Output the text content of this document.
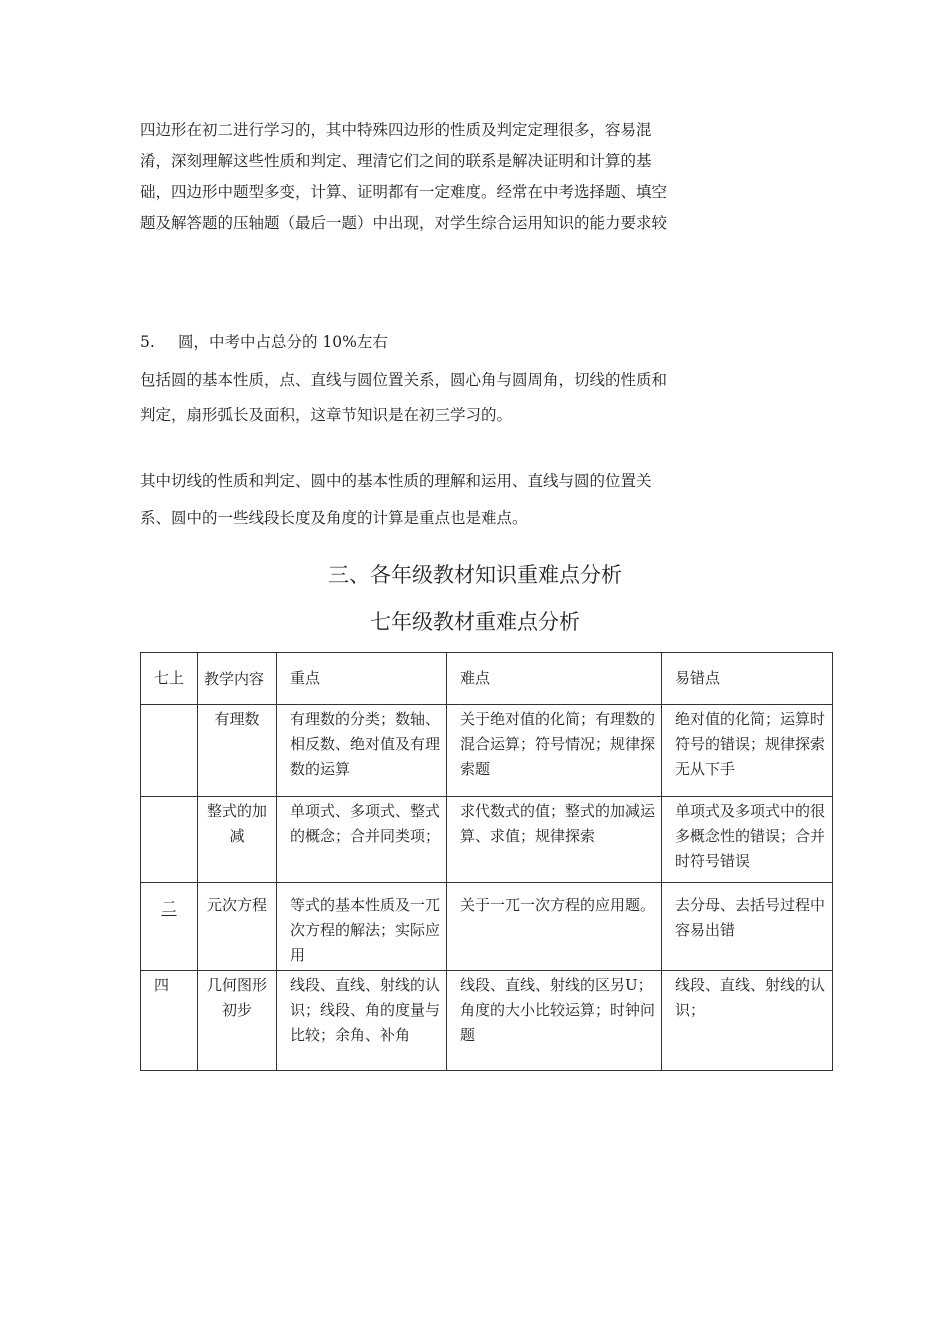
四边形在初二进行学习的，其中特殊四边形的性质及判定定理很多，容易混

淆，深刻理解这些性质和判定、理清它们之间的联系是解决证明和计算的基

础，四边形中题型多变，计算、证明都有一定难度。经常在中考选择题、填空

题及解答题的压轴题（最后一题）中出现，对学生综合运用知识的能力要求较

5. 圆，中考中占总分的 10%左右

包括圆的基本性质，点、直线与圆位置关系，圆心角与圆周角，切线的性质和

判定，扇形弧长及面积，这章节知识是在初三学习的。

其中切线的性质和判定、圆中的基本性质的理解和运用、直线与圆的位置关

系、圆中的一些线段长度及角度的计算是重点也是难点。

三、各年级教材知识重难点分析
七年级教材重难点分析
七上	教学内容	重点	难点	易错点
	有理数	有理数的分类；数轴、相反数、绝对值及有理数的运算	关于绝对值的化简；有理数的混合运算；符号情况；规律探索题	绝对值的化简；运算时符号的错误；规律探索无从下手
	整式的加减	单项式、多项式、整式的概念；合并同类项；	求代数式的值；整式的加减运算、求值；规律探索	单项式及多项式中的很多概念性的错误；合并时符号错误
二	元次方程	等式的基本性质及一兀次方程的解法；实际应用	关于一兀一次方程的应用题。	去分母、去括号过程中容易出错
四	几何图形初步	线段、直线、射线的认识；线段、角的度量与比较；余角、补角	线段、直线、射线的区另U；角度的大小比较运算；时钟问题	线段、直线、射线的认识；
